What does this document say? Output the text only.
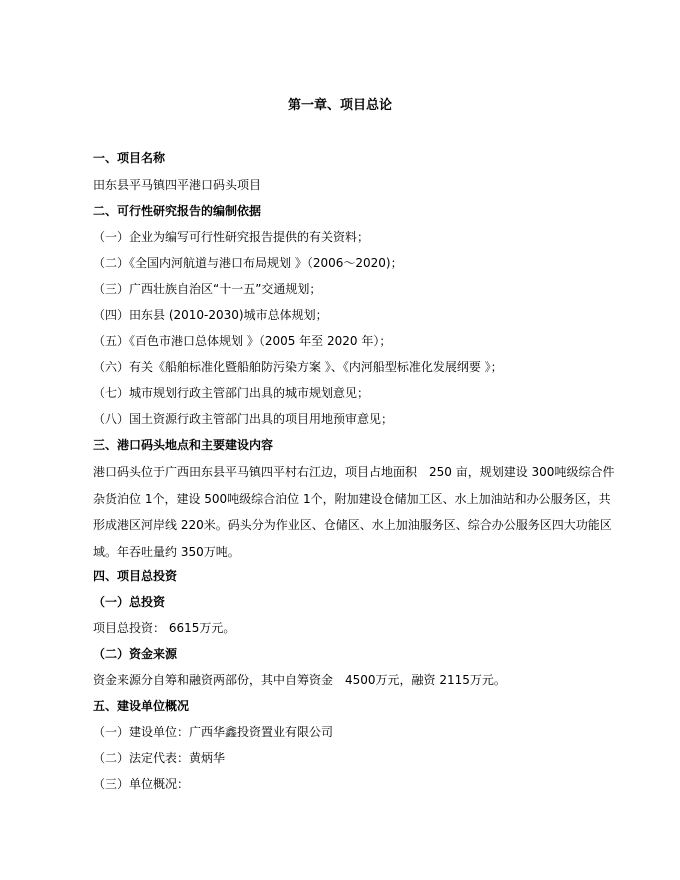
第一章、项目总论
一、项目名称
田东县平马镇四平港口码头项目
二、可行性研究报告的编制依据
（一）企业为编写可行性研究报告提供的有关资料；
（二）《全国内河航道与港口布局规划 》（2006～2020)；
（三）广西壮族自治区“十一五”交通规划；
（四）田东县 (2010-2030)城市总体规划；
（五）《百色市港口总体规划 》（2005 年至 2020 年）；
（六）有关《船舶标准化暨船舶防污染方案 》、《内河船型标准化发展纲要 》；
（七）城市规划行政主管部门出具的城市规划意见；
（八）国土资源行政主管部门出具的项目用地预审意见；
三、港口码头地点和主要建设内容
港口码头位于广西田东县平马镇四平村右江边，项目占地面积　250 亩，规划建设 300吨级综合件杂货泊位 1个，建设 500吨级综合泊位 1个，附加建设仓储加工区、水上加油站和办公服务区，共形成港区河岸线 220米。码头分为作业区、仓储区、水上加油服务区、综合办公服务区四大功能区域。年吞吐量约 350万吨。
四、项目总投资
（一）总投资
项目总投资： 6615万元。
（二）资金来源
资金来源分自筹和融资两部份，其中自筹资金　4500万元，融资 2115万元。
五、建设单位概况
（一）建设单位：广西华鑫投资置业有限公司
（二）法定代表：黄炳华
（三）单位概况：
